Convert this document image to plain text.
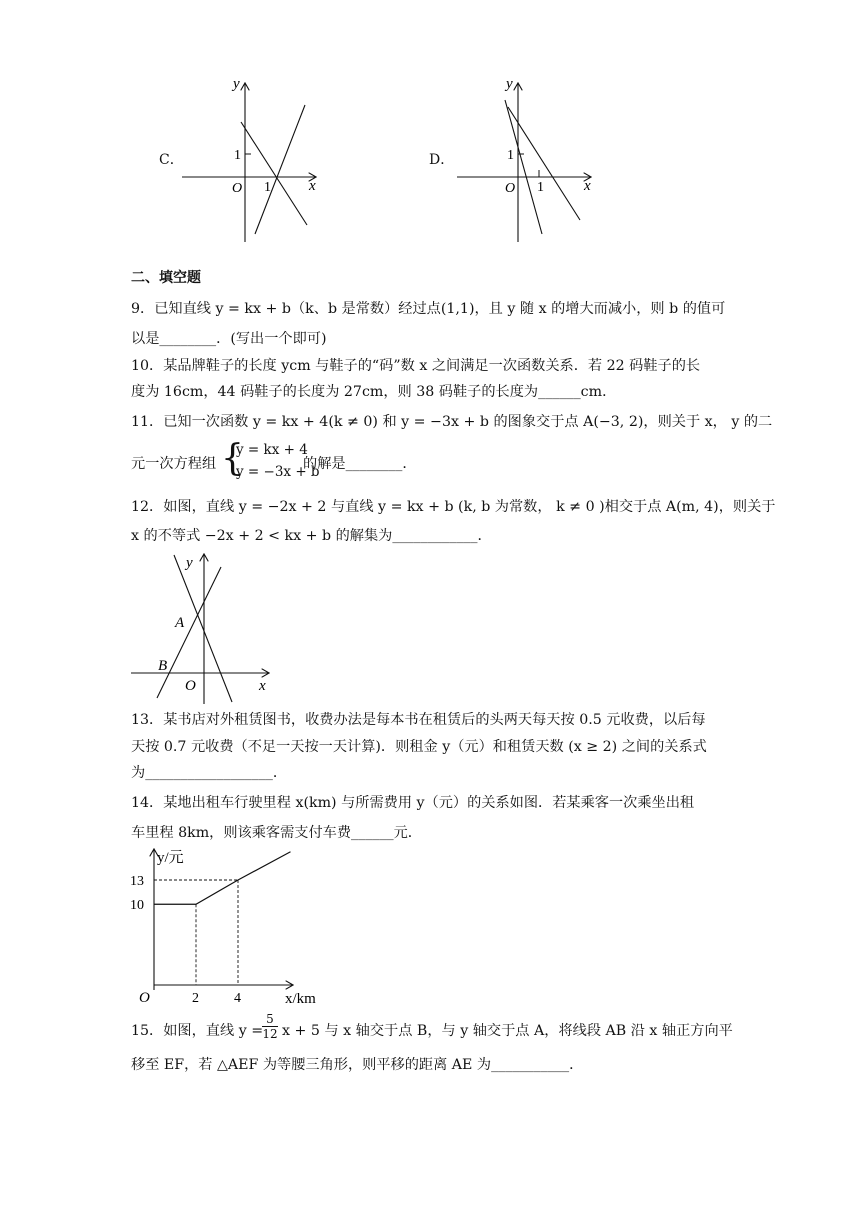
C．
y
x
O
1
1
D．
y
x
O
1
1
二、填空题
9．已知直线 y = kx + b（k、b 是常数）经过点(1,1)，且 y 随 x 的增大而减小，则 b 的值可
以是________．(写出一个即可)
10．某品牌鞋子的长度 ycm 与鞋子的“码”数 x 之间满足一次函数关系．若 22 码鞋子的长
度为 16cm，44 码鞋子的长度为 27cm，则 38 码鞋子的长度为______cm．
11．已知一次函数 y = kx + 4(k ≠ 0) 和 y = −3x + b 的图象交于点 A(−3, 2)，则关于 x， y 的二
元一次方程组 {
y = kx + 4
y = −3x + b
的解是________．
12．如图，直线 y = −2x + 2 与直线 y = kx + b (k, b 为常数， k ≠ 0 )相交于点 A(m, 4)，则关于
x 的不等式 −2x + 2 < kx + b 的解集为____________．
y
x
O
A
B
13．某书店对外租赁图书，收费办法是每本书在租赁后的头两天每天按 0.5 元收费，以后每
天按 0.7 元收费（不足一天按一天计算)．则租金 y（元）和租赁天数 (x ≥ 2) 之间的关系式
为__________________．
14．某地出租车行驶里程 x(km) 与所需费用 y（元）的关系如图．若某乘客一次乘坐出租
车里程 8km，则该乘客需支付车费______元．
y/元
x/km
O
13
10
2	4
15．如图，直线 y =
$\frac{5}{12}$ x + 5 与 x 轴交于点 B，与 y 轴交于点 A，将线段 AB 沿 x 轴正方向平
移至 EF，若 △AEF 为等腰三角形，则平移的距离 AE 为___________．
